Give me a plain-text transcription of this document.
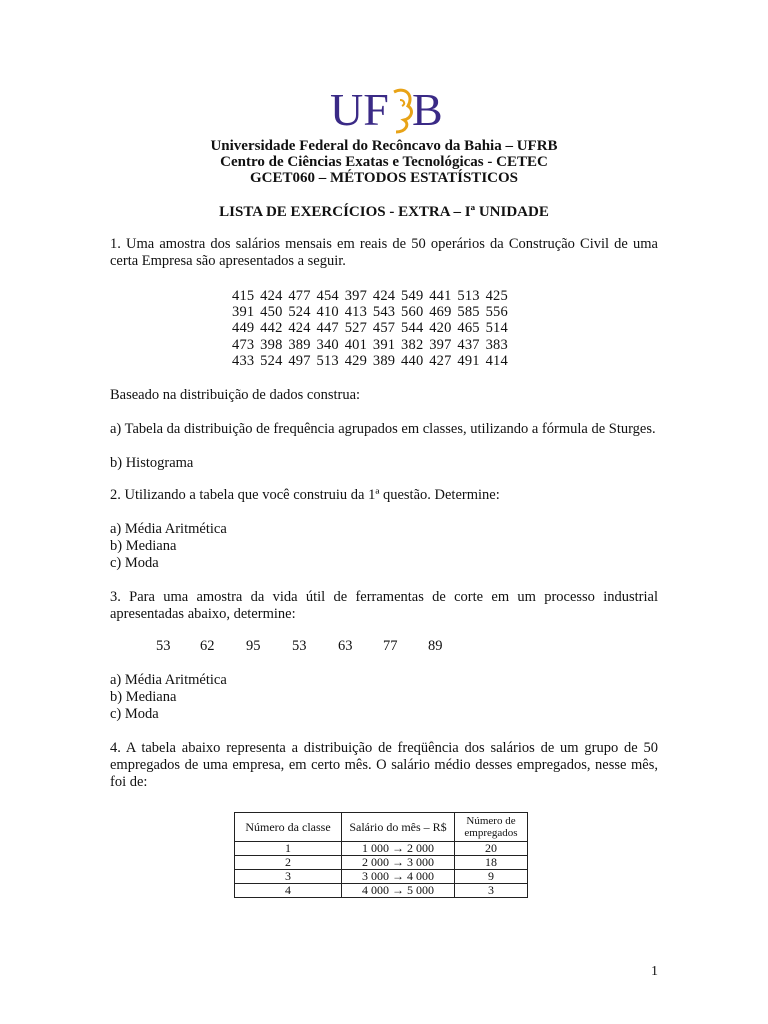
UF B
Universidade Federal do Recôncavo da Bahia – UFRB
Centro de Ciências Exatas e Tecnológicas - CETEC
GCET060 – MÉTODOS ESTATÍSTICOS
LISTA DE EXERCÍCIOS - EXTRA – Iª UNIDADE
1. Uma amostra dos salários mensais em reais de 50 operários da Construção Civil de uma certa Empresa são apresentados a seguir.
415 424 477 454 397 424 549 441 513 425
391 450 524 410 413 543 560 469 585 556
449 442 424 447 527 457 544 420 465 514
473 398 389 340 401 391 382 397 437 383
433 524 497 513 429 389 440 427 491 414
Baseado na distribuição de dados construa:
a) Tabela da distribuição de frequência agrupados em classes, utilizando a fórmula de Sturges.
b) Histograma
2. Utilizando a tabela que você construiu da 1ª questão. Determine:
a) Média Aritmética
b) Mediana
c) Moda
3. Para uma amostra da vida útil de ferramentas de corte em um processo industrial apresentadas abaixo, determine:
53 62 95 53 63 77 89
a) Média Aritmética
b) Mediana
c) Moda
4. A tabela abaixo representa a distribuição de freqüência dos salários de um grupo de 50 empregados de uma empresa, em certo mês. O salário médio desses empregados, nesse mês, foi de:
Número da classe	Salário do mês – R$	Número de empregados
1	1 000 → 2 000	20
2	2 000 → 3 000	18
3	3 000 → 4 000	9
4	4 000 → 5 000	3
1
